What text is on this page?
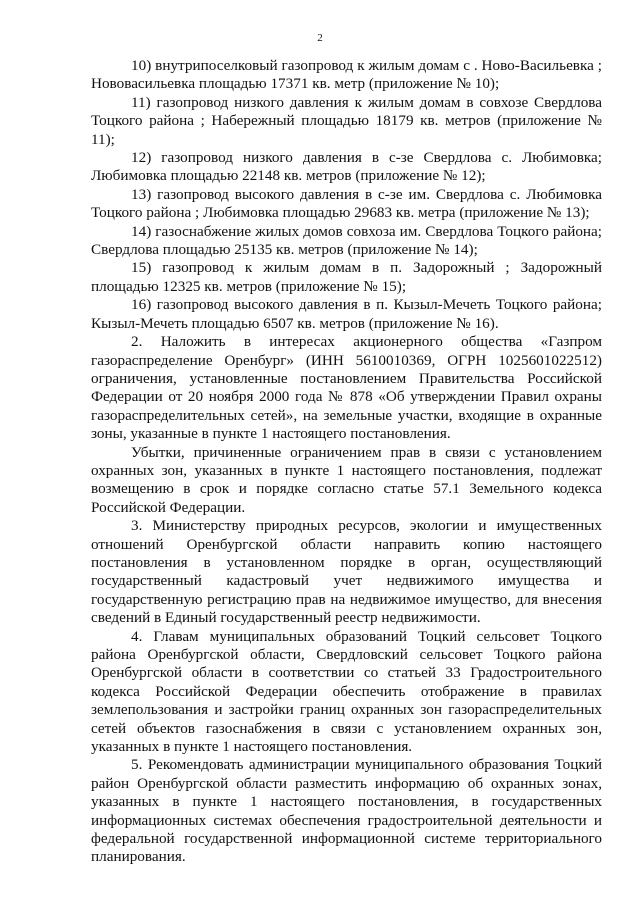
2

10) внутрипоселковый газопровод к жилым домам с . Ново-Васильевка ; Нововасильевка площадью 17371 кв. метр (приложение № 10);

11) газопровод низкого давления к жилым домам в совхозе Свердлова Тоцкого района ; Набережный площадью 18179 кв. метров (приложение № 11);

12) газопровод низкого давления в с-зе Свердлова с. Любимовка; Любимовка площадью 22148 кв. метров (приложение № 12);

13) газопровод высокого давления в с-зе им. Свердлова с. Любимовка Тоцкого района ; Любимовка площадью 29683 кв. метра (приложение № 13);

14) газоснабжение жилых домов совхоза им. Свердлова Тоцкого района; Свердлова площадью 25135 кв. метров (приложение № 14);

15) газопровод к жилым домам в п. Задорожный ; Задорожный площадью 12325 кв. метров (приложение № 15);

16) газопровод высокого давления в п. Кызыл-Мечеть Тоцкого района; Кызыл-Мечеть площадью 6507 кв. метров (приложение № 16).

2. Наложить в интересах акционерного общества «Газпром газораспределение Оренбург» (ИНН 5610010369, ОГРН 1025601022512) ограничения, установленные постановлением Правительства Российской Федерации от 20 ноября 2000 года № 878 «Об утверждении Правил охраны газораспределительных сетей», на земельные участки, входящие в охранные зоны, указанные в пункте 1 настоящего постановления.

Убытки, причиненные ограничением прав в связи с установлением охранных зон, указанных в пункте 1 настоящего постановления, подлежат возмещению в срок и порядке согласно статье 57.1 Земельного кодекса Российской Федерации.

3. Министерству природных ресурсов, экологии и имущественных отношений Оренбургской области направить копию настоящего постановления в установленном порядке в орган, осуществляющий государственный кадастровый учет недвижимого имущества и государственную регистрацию прав на недвижимое имущество, для внесения сведений в Единый государственный реестр недвижимости.

4. Главам муниципальных образований Тоцкий сельсовет Тоцкого района Оренбургской области, Свердловский сельсовет Тоцкого района Оренбургской области в соответствии со статьей 33 Градостроительного кодекса Российской Федерации обеспечить отображение в правилах землепользования и застройки границ охранных зон газораспределительных сетей объектов газоснабжения в связи с установлением охранных зон, указанных в пункте 1 настоящего постановления.

5. Рекомендовать администрации муниципального образования Тоцкий район Оренбургской области разместить информацию об охранных зонах, указанных в пункте 1 настоящего постановления, в государственных информационных системах обеспечения градостроительной деятельности и федеральной государственной информационной системе территориального планирования.
